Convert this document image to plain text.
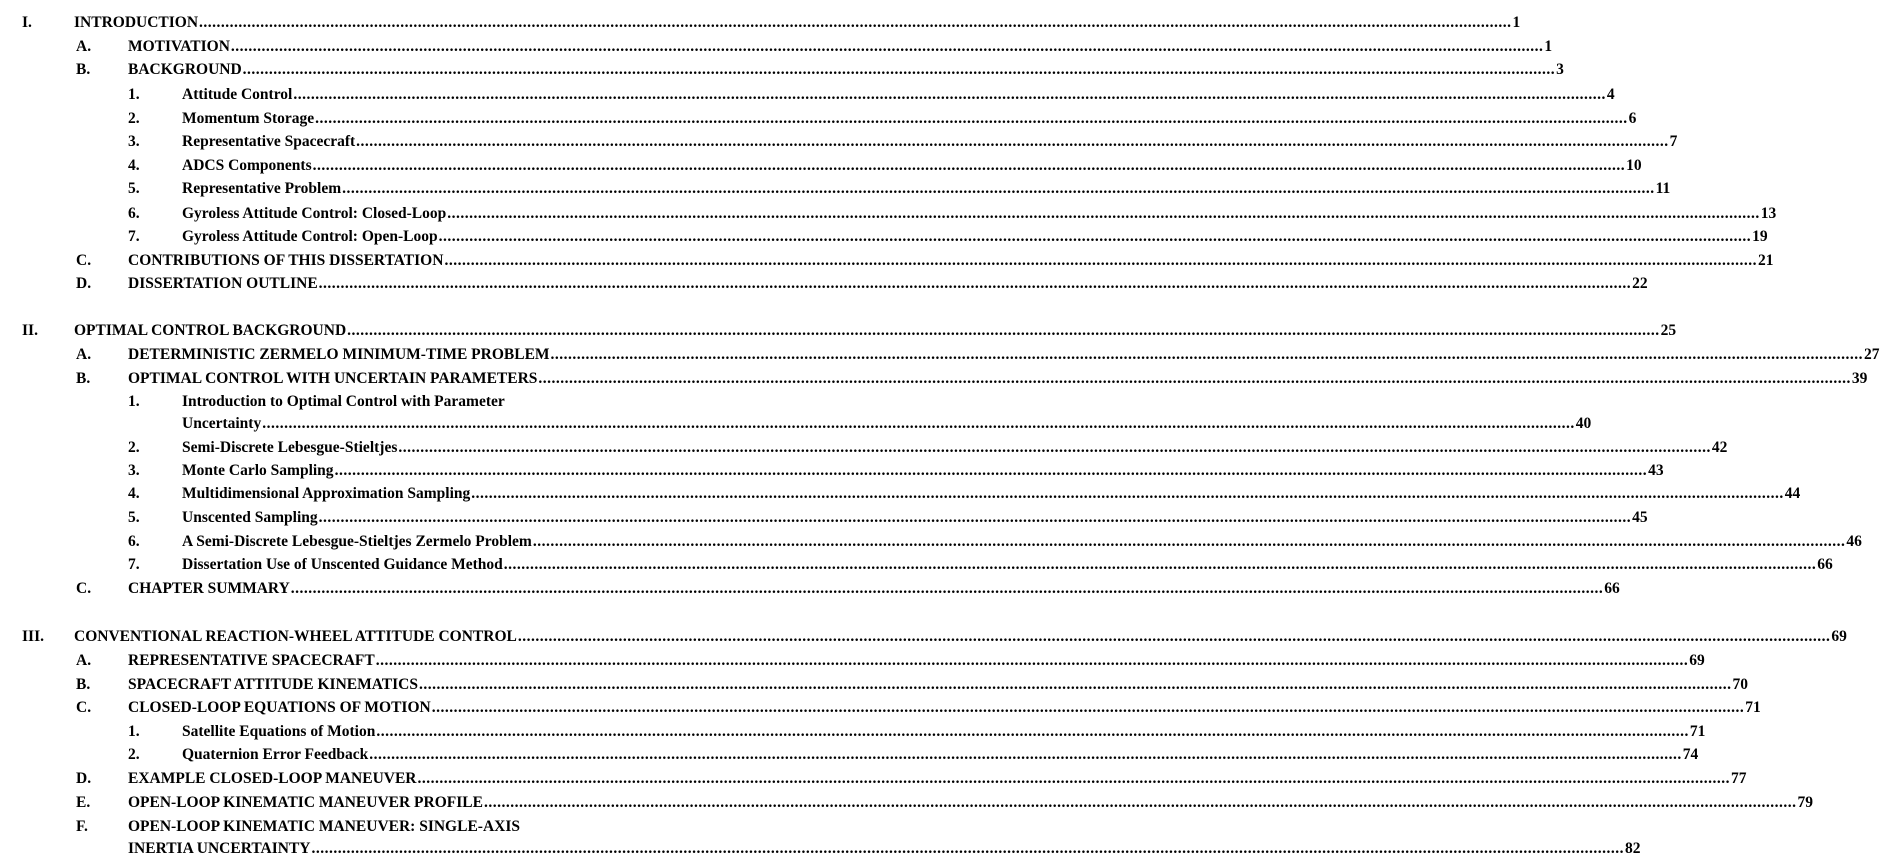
I.	INTRODUCTION ............................................................................................................................................................................................................................................................................................................ 1
A. MOTIVATION ............................................................................................................................................................................................................................................................................................................ 1
B. BACKGROUND ............................................................................................................................................................................................................................................................................................................ 3
1.	Attitude Control ............................................................................................................................................................................................................................................................................................................ 4
2.	Momentum Storage ............................................................................................................................................................................................................................................................................................................ 6
3.	Representative Spacecraft ............................................................................................................................................................................................................................................................................................................ 7
4.	ADCS Components ............................................................................................................................................................................................................................................................................................................ 10
5.	Representative Problem ............................................................................................................................................................................................................................................................................................................ 11
6.	Gyroless Attitude Control: Closed-Loop ............................................................................................................................................................................................................................................................................................................ 13
7.	Gyroless Attitude Control: Open-Loop ............................................................................................................................................................................................................................................................................................................ 19
C. CONTRIBUTIONS OF THIS DISSERTATION ............................................................................................................................................................................................................................................................................................................ 21
D. DISSERTATION OUTLINE ............................................................................................................................................................................................................................................................................................................ 22
II. OPTIMAL CONTROL BACKGROUND ............................................................................................................................................................................................................................................................................................................ 25
A. DETERMINISTIC ZERMELO MINIMUM-TIME PROBLEM ............................................................................................................................................................................................................................................................................................................ 27
B. OPTIMAL CONTROL WITH UNCERTAIN PARAMETERS ............................................................................................................................................................................................................................................................................................................ 39
1.	Introduction to Optimal Control with Parameter
Uncertainty ............................................................................................................................................................................................................................................................................................................ 40
2.	Semi-Discrete Lebesgue-Stieltjes ............................................................................................................................................................................................................................................................................................................ 42
3.	Monte Carlo Sampling ............................................................................................................................................................................................................................................................................................................ 43
4.	Multidimensional Approximation Sampling ............................................................................................................................................................................................................................................................................................................ 44
5.	Unscented Sampling ............................................................................................................................................................................................................................................................................................................ 45
6.	A Semi-Discrete Lebesgue-Stieltjes Zermelo Problem ............................................................................................................................................................................................................................................................................................................ 46
7.	Dissertation Use of Unscented Guidance Method ............................................................................................................................................................................................................................................................................................................ 66
C. CHAPTER SUMMARY ............................................................................................................................................................................................................................................................................................................ 66
III. CONVENTIONAL REACTION-WHEEL ATTITUDE CONTROL ............................................................................................................................................................................................................................................................................................................ 69
A. REPRESENTATIVE SPACECRAFT ............................................................................................................................................................................................................................................................................................................ 69
B. SPACECRAFT ATTITUDE KINEMATICS ............................................................................................................................................................................................................................................................................................................ 70
C. CLOSED-LOOP EQUATIONS OF MOTION ............................................................................................................................................................................................................................................................................................................ 71
1.	Satellite Equations of Motion ............................................................................................................................................................................................................................................................................................................ 71
2.	Quaternion Error Feedback ............................................................................................................................................................................................................................................................................................................ 74
D. EXAMPLE CLOSED-LOOP MANEUVER ............................................................................................................................................................................................................................................................................................................ 77
E. OPEN-LOOP KINEMATIC MANEUVER PROFILE ............................................................................................................................................................................................................................................................................................................ 79
F.	OPEN-LOOP KINEMATIC MANEUVER: SINGLE-AXIS
INERTIA UNCERTAINTY ............................................................................................................................................................................................................................................................................................................ 82
